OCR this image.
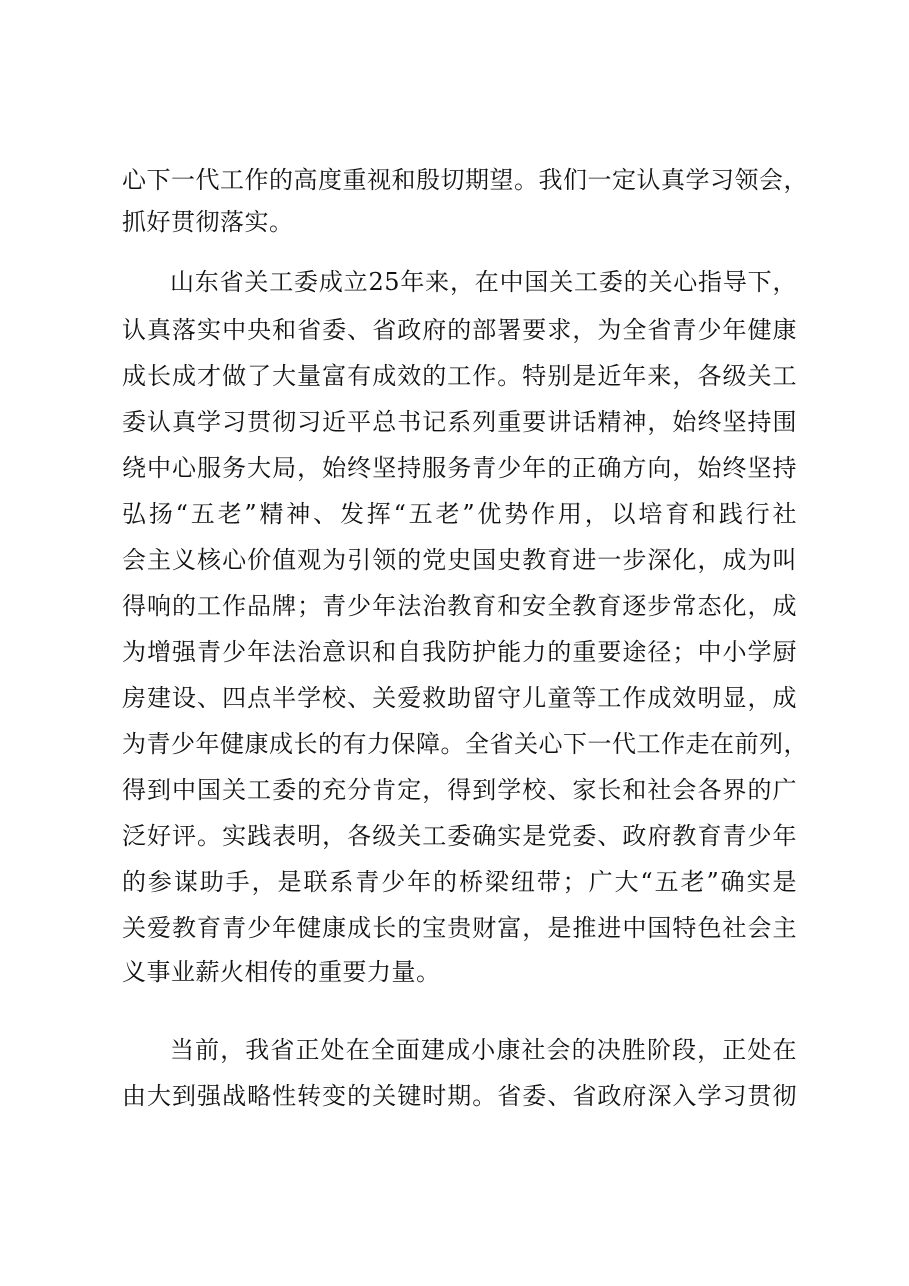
心下一代工作的高度重视和殷切期望。我们一定认真学习领会，
抓好贯彻落实。
山东省关工委成立25年来，在中国关工委的关心指导下，
认真落实中央和省委、省政府的部署要求，为全省青少年健康
成长成才做了大量富有成效的工作。特别是近年来，各级关工
委认真学习贯彻习近平总书记系列重要讲话精神，始终坚持围
绕中心服务大局，始终坚持服务青少年的正确方向，始终坚持
弘扬“五老”精神、发挥“五老”优势作用，以培育和践行社
会主义核心价值观为引领的党史国史教育进一步深化，成为叫
得响的工作品牌；青少年法治教育和安全教育逐步常态化，成
为增强青少年法治意识和自我防护能力的重要途径；中小学厨
房建设、四点半学校、关爱救助留守儿童等工作成效明显，成
为青少年健康成长的有力保障。全省关心下一代工作走在前列，
得到中国关工委的充分肯定，得到学校、家长和社会各界的广
泛好评。实践表明，各级关工委确实是党委、政府教育青少年
的参谋助手，是联系青少年的桥梁纽带；广大“五老”确实是
关爱教育青少年健康成长的宝贵财富，是推进中国特色社会主
义事业薪火相传的重要力量。
当前，我省正处在全面建成小康社会的决胜阶段，正处在
由大到强战略性转变的关键时期。省委、省政府深入学习贯彻
